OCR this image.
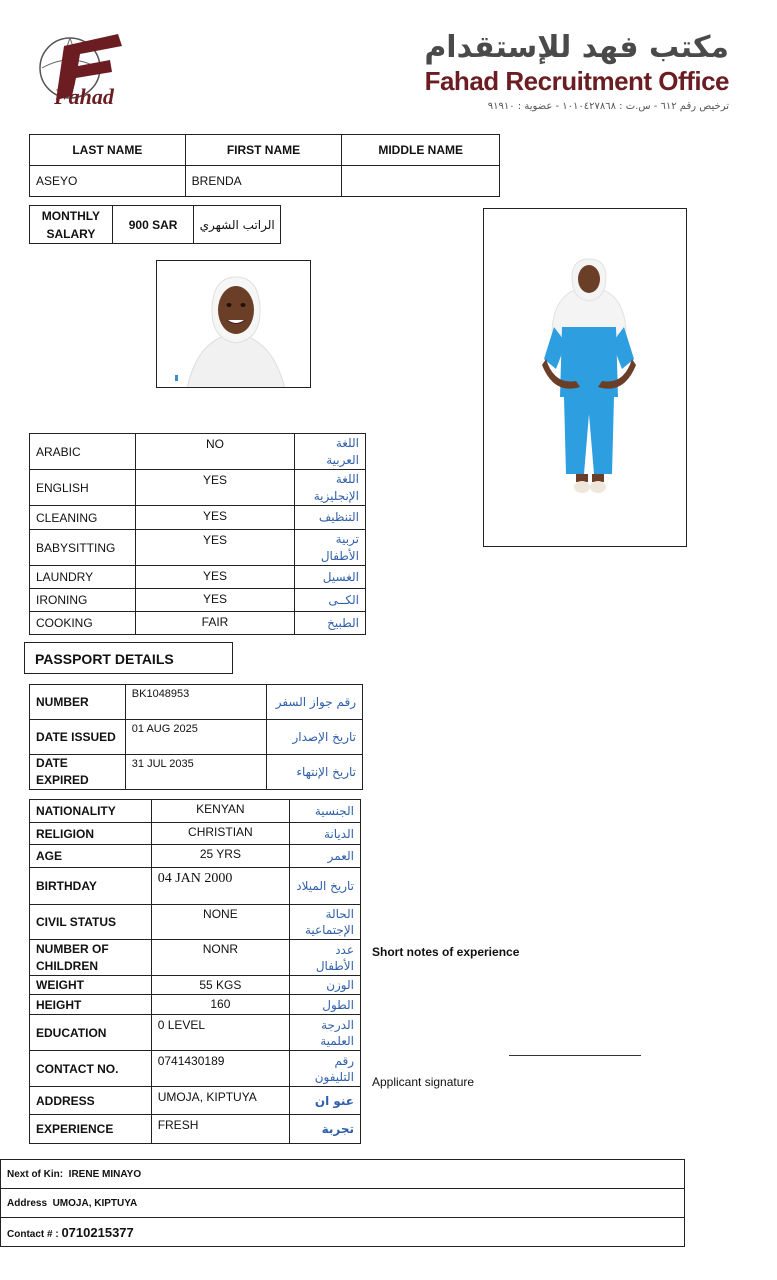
Fahad
مكتب فهد للإستقدام
Fahad Recruitment Office
ترخيص رقم ٦١٢ - س.ت : ١٠١٠٤٢٧٨٦٨ - عضوية : ٩١٩١٠
LAST NAME	FIRST NAME	MIDDLE NAME
ASEYO	BRENDA	
MONTHLY SALARY	900 SAR	الراتب الشهري
ARABIC	NO	اللغة العربية
ENGLISH	YES	اللغة الإنجليزية
CLEANING	YES	التنظيف
BABYSITTING	YES	تربية الأطفال
LAUNDRY	YES	الغسيل
IRONING	YES	الكــى
COOKING	FAIR	الطبيخ
PASSPORT DETAILS
NUMBER	BK1048953	رقم جواز السفر
DATE ISSUED	01 AUG 2025	تاريخ الإصدار
DATE EXPIRED	31 JUL 2035	تاريخ الإنتهاء
NATIONALITY	KENYAN	الجنسية
RELIGION	CHRISTIAN	الديانة
AGE	25 YRS	العمر
BIRTHDAY	04 JAN 2000	تاريخ الميلاد
CIVIL STATUS	NONE	الحالة الإجتماعية
NUMBER OF CHILDREN	NONR	عدد الأطفال
WEIGHT	55 KGS	الوزن
HEIGHT	160	الطول
EDUCATION	0 LEVEL	الدرجة العلمية
CONTACT NO.	0741430189	رقم التليفون
ADDRESS	UMOJA, KIPTUYA	عنو ان
EXPERIENCE	FRESH	تجربة
Short notes of experience
Applicant signature
Next of Kin: IRENE MINAYO
Address UMOJA, KIPTUYA
Contact # : 0710215377
